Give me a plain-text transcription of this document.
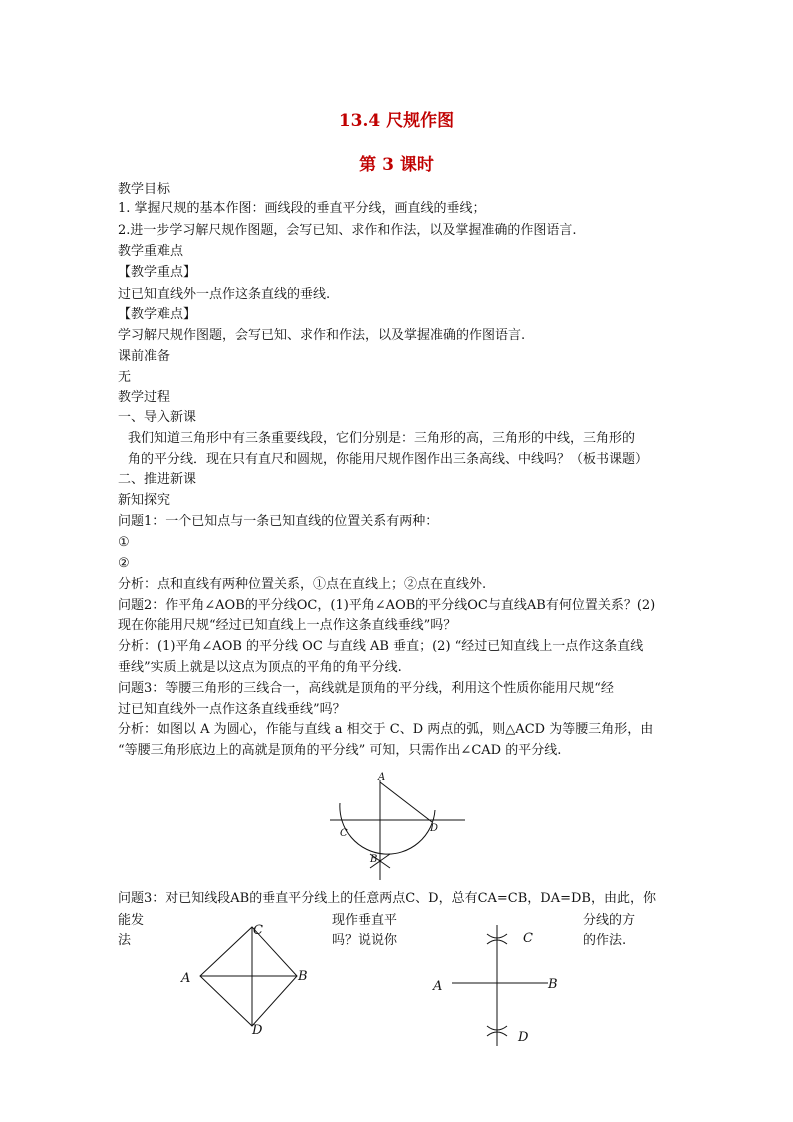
13.4 尺规作图
第 3 课时
教学目标
1. 掌握尺规的基本作图：画线段的垂直平分线，画直线的垂线；
2.进一步学习解尺规作图题，会写已知、求作和作法，以及掌握准确的作图语言.
教学重难点
【教学重点】
过已知直线外一点作这条直线的垂线.
【教学难点】
学习解尺规作图题，会写已知、求作和作法，以及掌握准确的作图语言.
课前准备
无
教学过程
一、导入新课
我们知道三角形中有三条重要线段，它们分别是：三角形的高，三角形的中线，三角形的
角的平分线．现在只有直尺和圆规，你能用尺规作图作出三条高线、中线吗？（板书课题）
二、推进新课
新知探究
问题1：一个已知点与一条已知直线的位置关系有两种：
①
②
分析：点和直线有两种位置关系，①点在直线上；②点在直线外.
问题2：作平角∠AOB的平分线OC，(1)平角∠AOB的平分线OC与直线AB有何位置关系？(2)
现在你能用尺规“经过已知直线上一点作这条直线垂线”吗？
分析：(1)平角∠AOB 的平分线 OC 与直线 AB 垂直；(2) “经过已知直线上一点作这条直线
垂线”实质上就是以这点为顶点的平角的角平分线.
问题3：等腰三角形的三线合一，高线就是顶角的平分线，利用这个性质你能用尺规“经
过已知直线外一点作这条直线垂线”吗？
分析：如图以 A 为圆心，作能与直线 a 相交于 C、D 两点的弧，则△ACD 为等腰三角形，由
“等腰三角形底边上的高就是顶角的平分线” 可知，只需作出∠CAD 的平分线.
A
C	D
B
问题3：对已知线段AB的垂直平分线上的任意两点C、D，总有CA=CB，DA=DB，由此，你
能发
法
现作垂直平
吗？说说你
分线的方
的作法.
A	B
C
D
A	B
C
D
